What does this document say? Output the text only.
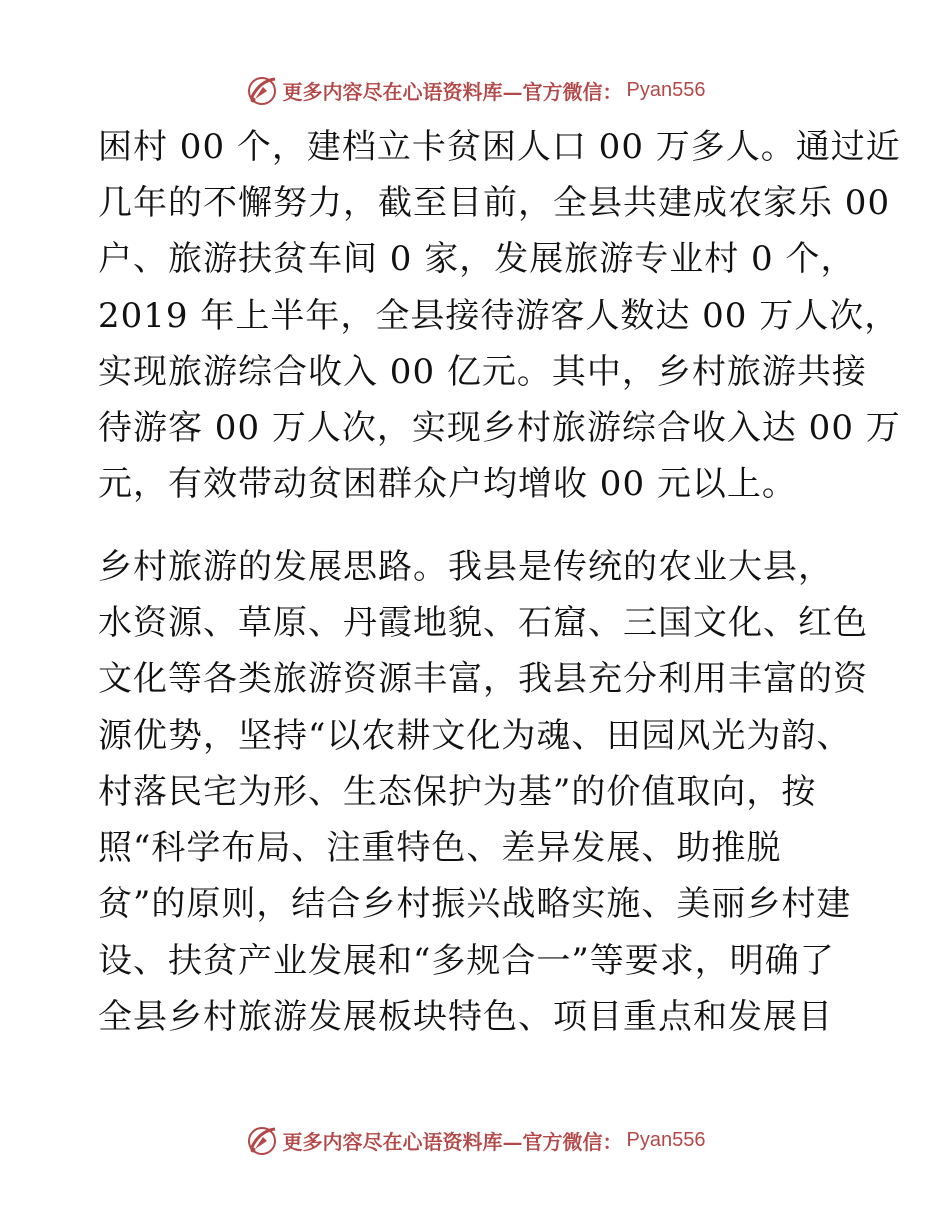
更多内容尽在心语资料库—官方微信： Pyan556
困村 00 个，建档立卡贫困人口 00 万多人。通过近
几年的不懈努力，截至目前，全县共建成农家乐 00
户、旅游扶贫车间 0 家，发展旅游专业村 0 个，
2019 年上半年，全县接待游客人数达 00 万人次，
实现旅游综合收入 00 亿元。其中，乡村旅游共接
待游客 00 万人次，实现乡村旅游综合收入达 00 万
元，有效带动贫困群众户均增收 00 元以上。
乡村旅游的发展思路。我县是传统的农业大县，
水资源、草原、丹霞地貌、石窟、三国文化、红色
文化等各类旅游资源丰富，我县充分利用丰富的资
源优势，坚持“以农耕文化为魂、田园风光为韵、
村落民宅为形、生态保护为基”的价值取向，按
照“科学布局、注重特色、差异发展、助推脱
贫”的原则，结合乡村振兴战略实施、美丽乡村建
设、扶贫产业发展和“多规合一”等要求，明确了
全县乡村旅游发展板块特色、项目重点和发展目
更多内容尽在心语资料库—官方微信： Pyan556
